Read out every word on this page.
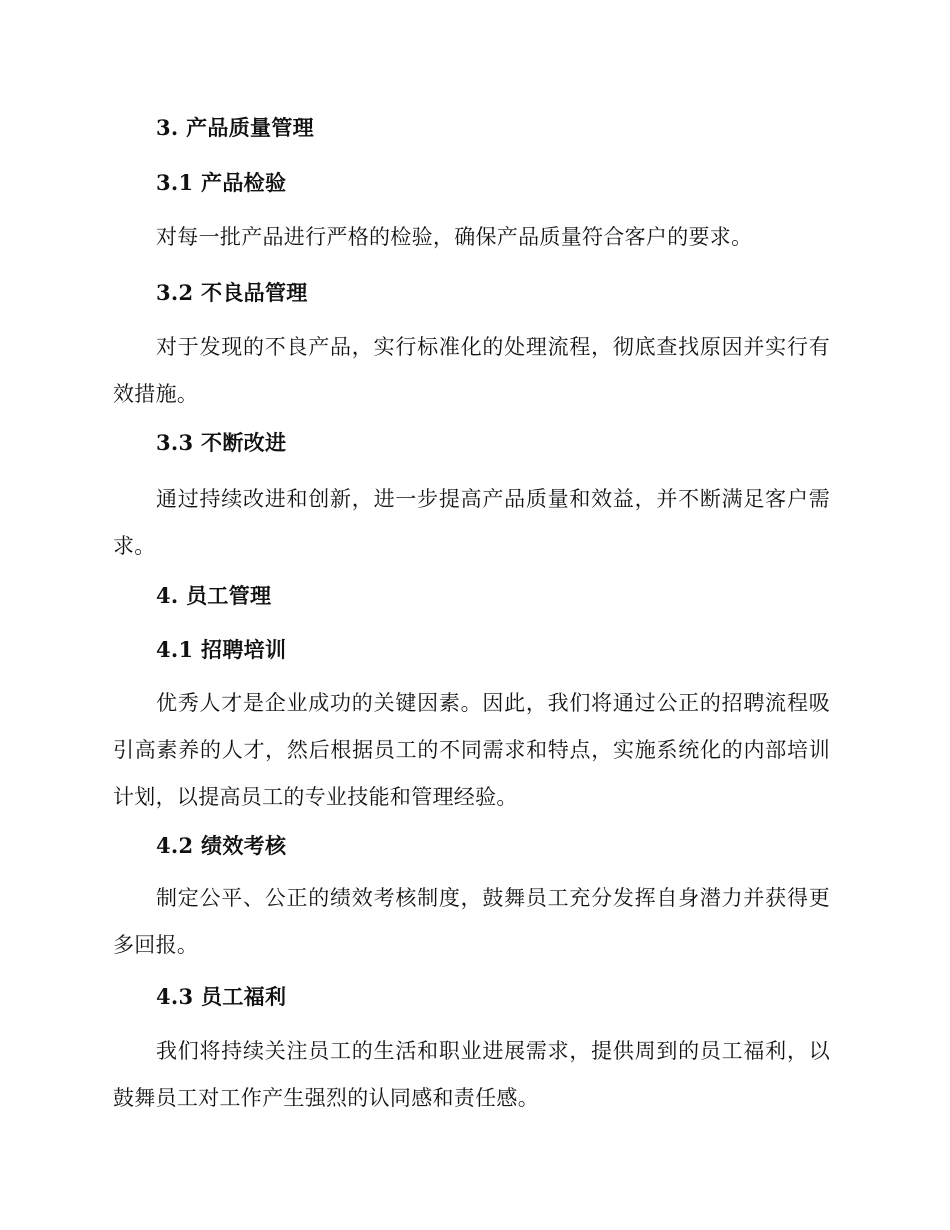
3. 产品质量管理
3.1 产品检验

对每一批产品进行严格的检验，确保产品质量符合客户的要求。

3.2 不良品管理

对于发现的不良产品，实行标准化的处理流程，彻底查找原因并实行有效措施。

3.3 不断改进

通过持续改进和创新，进一步提高产品质量和效益，并不断满足客户需求。

4. 员工管理
4.1 招聘培训

优秀人才是企业成功的关键因素。因此，我们将通过公正的招聘流程吸引高素养的人才，然后根据员工的不同需求和特点，实施系统化的内部培训计划，以提高员工的专业技能和管理经验。

4.2 绩效考核

制定公平、公正的绩效考核制度，鼓舞员工充分发挥自身潜力并获得更多回报。

4.3 员工福利

我们将持续关注员工的生活和职业进展需求，提供周到的员工福利，以鼓舞员工对工作产生强烈的认同感和责任感。
